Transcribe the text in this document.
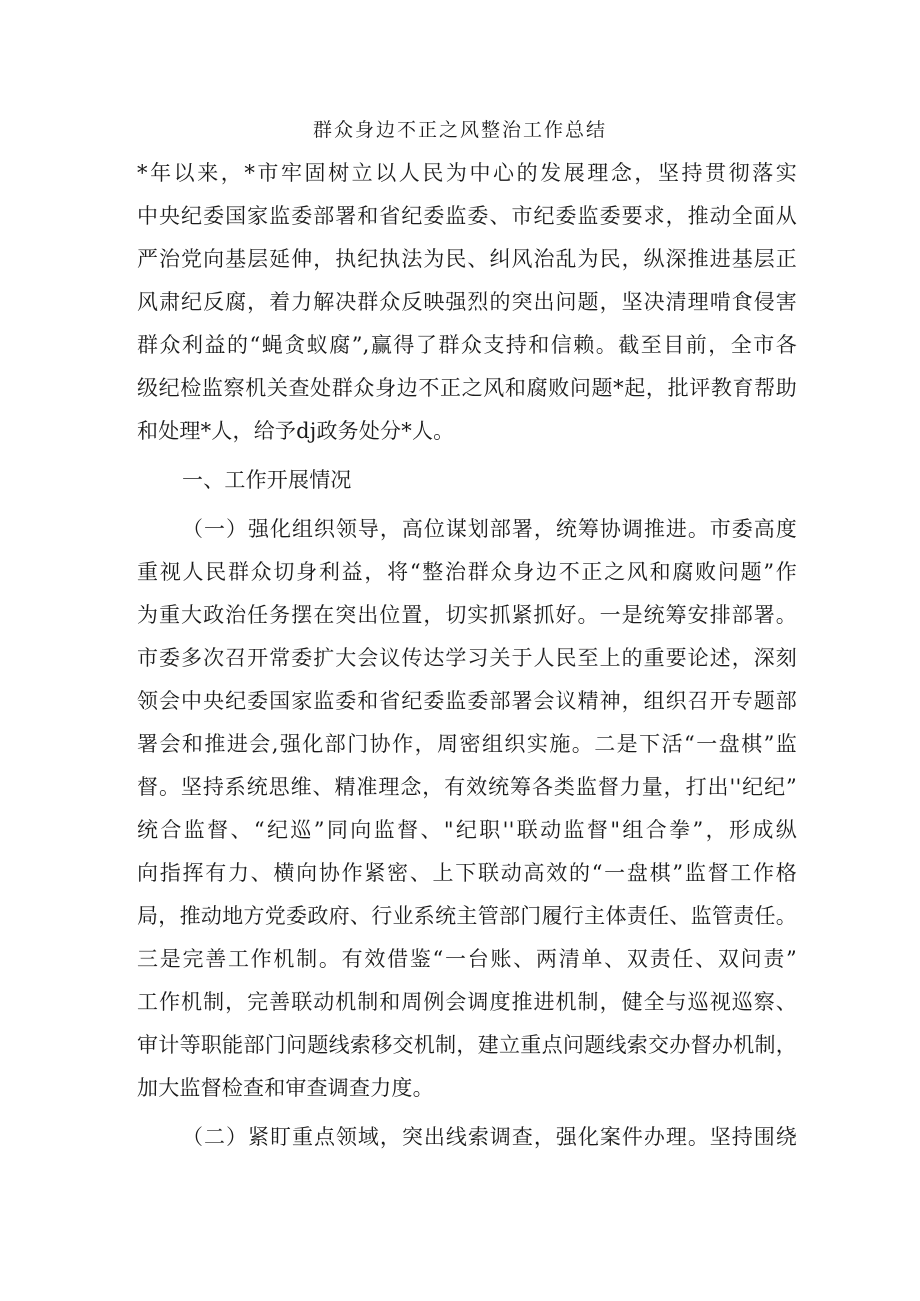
群众身边不正之风整治工作总结
*年以来，*市牢固树立以人民为中心的发展理念，坚持贯彻落实
中央纪委国家监委部署和省纪委监委、市纪委监委要求，推动全面从
严治党向基层延伸，执纪执法为民、纠风治乱为民，纵深推进基层正
风肃纪反腐，着力解决群众反映强烈的突出问题，坚决清理啃食侵害
群众利益的“蝇贪蚁腐”,赢得了群众支持和信赖。截至目前，全市各
级纪检监察机关查处群众身边不正之风和腐败问题*起，批评教育帮助
和处理*人，给予dj政务处分*人。
一、工作开展情况
（一）强化组织领导，高位谋划部署，统筹协调推进。市委高度
重视人民群众切身利益，将“整治群众身边不正之风和腐败问题”作
为重大政治任务摆在突出位置，切实抓紧抓好。一是统筹安排部署。
市委多次召开常委扩大会议传达学习关于人民至上的重要论述，深刻
领会中央纪委国家监委和省纪委监委部署会议精神，组织召开专题部
署会和推进会,强化部门协作，周密组织实施。二是下活“一盘棋”监
督。坚持系统思维、精准理念，有效统筹各类监督力量，打出''纪纪”
统合监督、“纪巡”同向监督、"纪职''联动监督"组合拳”，形成纵
向指挥有力、横向协作紧密、上下联动高效的“一盘棋”监督工作格
局，推动地方党委政府、行业系统主管部门履行主体责任、监管责任。
三是完善工作机制。有效借鉴“一台账、两清单、双责任、双问责”
工作机制，完善联动机制和周例会调度推进机制，健全与巡视巡察、
审计等职能部门问题线索移交机制，建立重点问题线索交办督办机制，
加大监督检查和审查调查力度。
（二）紧盯重点领域，突出线索调查，强化案件办理。坚持围绕
